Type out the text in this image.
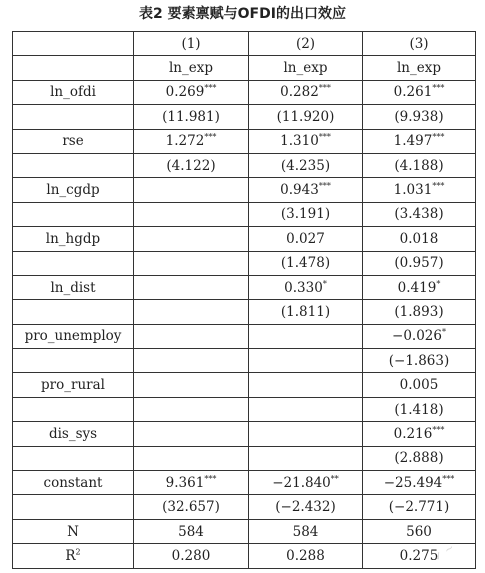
表2 要素禀赋与OFDI的出口效应
	(1)	(2)	(3)
	ln_exp	ln_exp	ln_exp
ln_ofdi	0.269***	0.282***	0.261***
	(11.981)	(11.920)	(9.938)
rse	1.272***	1.310***	1.497***
	(4.122)	(4.235)	(4.188)
ln_cgdp		0.943***	1.031***
		(3.191)	(3.438)
ln_hgdp		0.027	0.018
		(1.478)	(0.957)
ln_dist		0.330*	0.419*
		(1.811)	(1.893)
pro_unemploy			−0.026*
			(−1.863)
pro_rural			0.005
			(1.418)
dis_sys			0.216***
			(2.888)
constant	9.361***	−21.840**	−25.494***
	(32.657)	(−2.432)	(−2.771)
N	584	584	560
$R^2$	0.280	0.288	0.275
✓ ~
